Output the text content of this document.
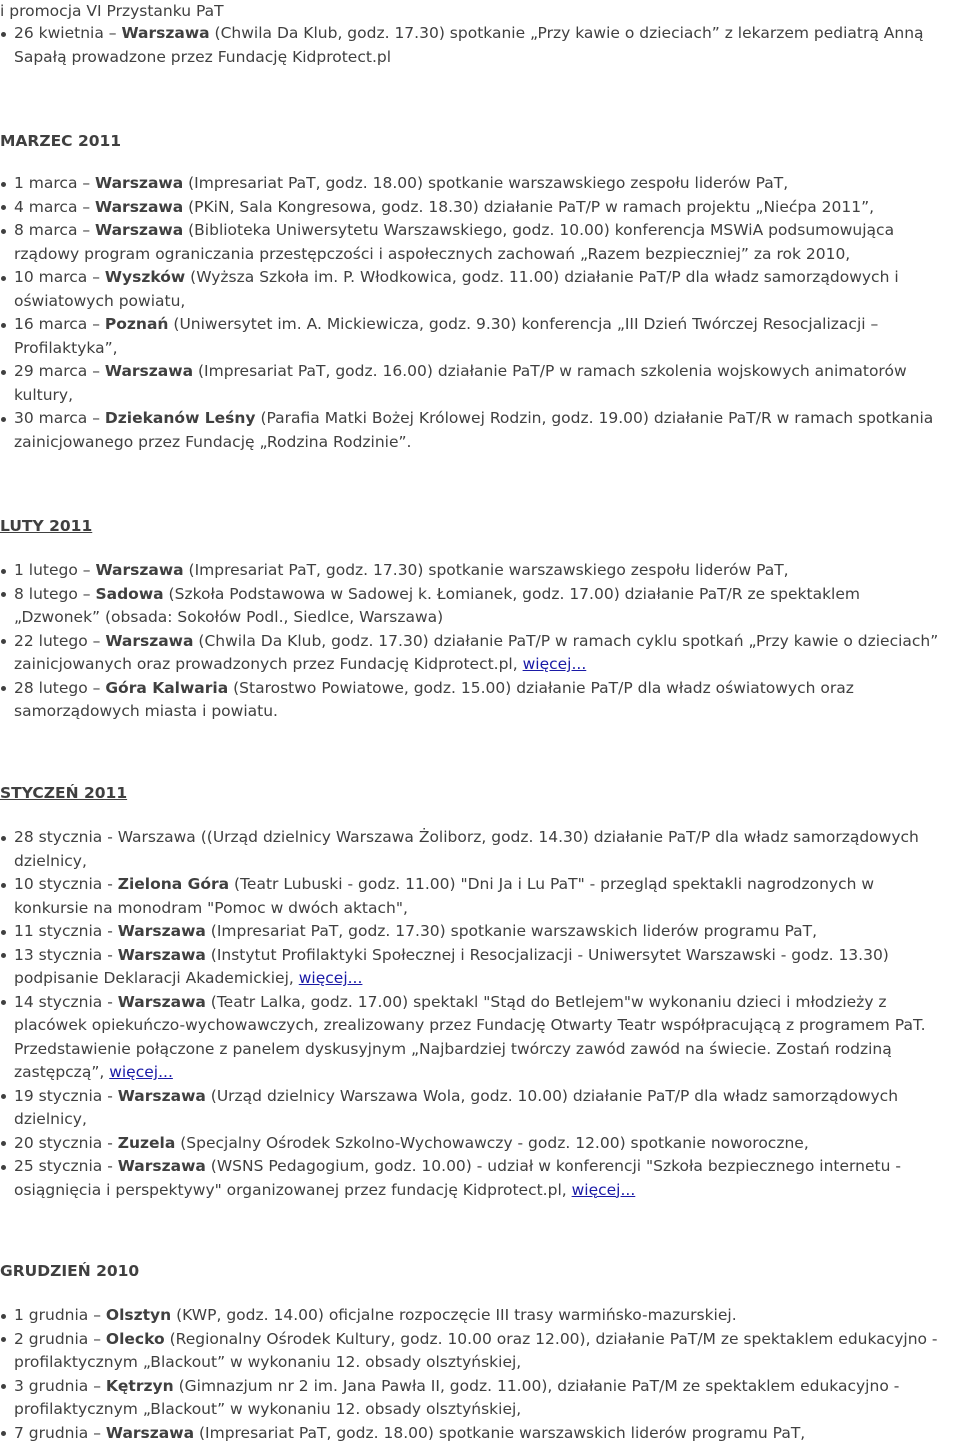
i promocja VI Przystanku PaT
26 kwietnia – Warszawa (Chwila Da Klub, godz. 17.30) spotkanie „Przy kawie o dzieciach” z lekarzem pediatrą Anną Sapałą prowadzone przez Fundację Kidprotect.pl
MARZEC 2011
1 marca – Warszawa (Impresariat PaT, godz. 18.00) spotkanie warszawskiego zespołu liderów PaT,
4 marca – Warszawa (PKiN, Sala Kongresowa, godz. 18.30) działanie PaT/P w ramach projektu „Niećpa 2011”,
8 marca – Warszawa (Biblioteka Uniwersytetu Warszawskiego, godz. 10.00) konferencja MSWiA podsumowująca rządowy program ograniczania przestępczości i aspołecznych zachowań „Razem bezpieczniej” za rok 2010,
10 marca – Wyszków (Wyższa Szkoła im. P. Włodkowica, godz. 11.00) działanie PaT/P dla władz samorządowych i oświatowych powiatu,
16 marca – Poznań (Uniwersytet im. A. Mickiewicza, godz. 9.30) konferencja „III Dzień Twórczej Resocjalizacji – Profilaktyka”,
29 marca – Warszawa (Impresariat PaT, godz. 16.00) działanie PaT/P w ramach szkolenia wojskowych animatorów kultury,
30 marca – Dziekanów Leśny (Parafia Matki Bożej Królowej Rodzin, godz. 19.00) działanie PaT/R w ramach spotkania zainicjowanego przez Fundację „Rodzina Rodzinie”.
LUTY 2011
1 lutego – Warszawa (Impresariat PaT, godz. 17.30) spotkanie warszawskiego zespołu liderów PaT,
8 lutego – Sadowa (Szkoła Podstawowa w Sadowej k. Łomianek, godz. 17.00) działanie PaT/R ze spektaklem „Dzwonek” (obsada: Sokołów Podl., Siedlce, Warszawa)
22 lutego – Warszawa (Chwila Da Klub, godz. 17.30) działanie PaT/P w ramach cyklu spotkań „Przy kawie o dzieciach” zainicjowanych oraz prowadzonych przez Fundację Kidprotect.pl, więcej...
28 lutego – Góra Kalwaria (Starostwo Powiatowe, godz. 15.00) działanie PaT/P dla władz oświatowych oraz samorządowych miasta i powiatu.
STYCZEŃ 2011
28 stycznia - Warszawa ((Urząd dzielnicy Warszawa Żoliborz, godz. 14.30) działanie PaT/P dla władz samorządowych dzielnicy,
10 stycznia - Zielona Góra (Teatr Lubuski - godz. 11.00) "Dni Ja i Lu PaT" - przegląd spektakli nagrodzonych w konkursie na monodram "Pomoc w dwóch aktach",
11 stycznia - Warszawa (Impresariat PaT, godz. 17.30) spotkanie warszawskich liderów programu PaT,
13 stycznia - Warszawa (Instytut Profilaktyki Społecznej i Resocjalizacji - Uniwersytet Warszawski - godz. 13.30) podpisanie Deklaracji Akademickiej, więcej...
14 stycznia - Warszawa (Teatr Lalka, godz. 17.00) spektakl "Stąd do Betlejem"w wykonaniu dzieci i młodzieży z placówek opiekuńczo-wychowawczych, zrealizowany przez Fundację Otwarty Teatr współpracującą z programem PaT. Przedstawienie połączone z panelem dyskusyjnym „Najbardziej twórczy zawód zawód na świecie. Zostań rodziną zastępczą”, więcej...
19 stycznia - Warszawa (Urząd dzielnicy Warszawa Wola, godz. 10.00) działanie PaT/P dla władz samorządowych dzielnicy,
20 stycznia - Zuzela (Specjalny Ośrodek Szkolno-Wychowawczy - godz. 12.00) spotkanie noworoczne,
25 stycznia - Warszawa (WSNS Pedagogium, godz. 10.00) - udział w konferencji "Szkoła bezpiecznego internetu - osiągnięcia i perspektywy" organizowanej przez fundację Kidprotect.pl, więcej...
GRUDZIEŃ 2010
1 grudnia – Olsztyn (KWP, godz. 14.00) oficjalne rozpoczęcie III trasy warmińsko-mazurskiej.
2 grudnia – Olecko (Regionalny Ośrodek Kultury, godz. 10.00 oraz 12.00), działanie PaT/M ze spektaklem edukacyjno - profilaktycznym „Blackout” w wykonaniu 12. obsady olsztyńskiej,
3 grudnia – Kętrzyn (Gimnazjum nr 2 im. Jana Pawła II, godz. 11.00), działanie PaT/M ze spektaklem edukacyjno - profilaktycznym „Blackout” w wykonaniu 12. obsady olsztyńskiej,
7 grudnia – Warszawa (Impresariat PaT, godz. 18.00) spotkanie warszawskich liderów programu PaT,
